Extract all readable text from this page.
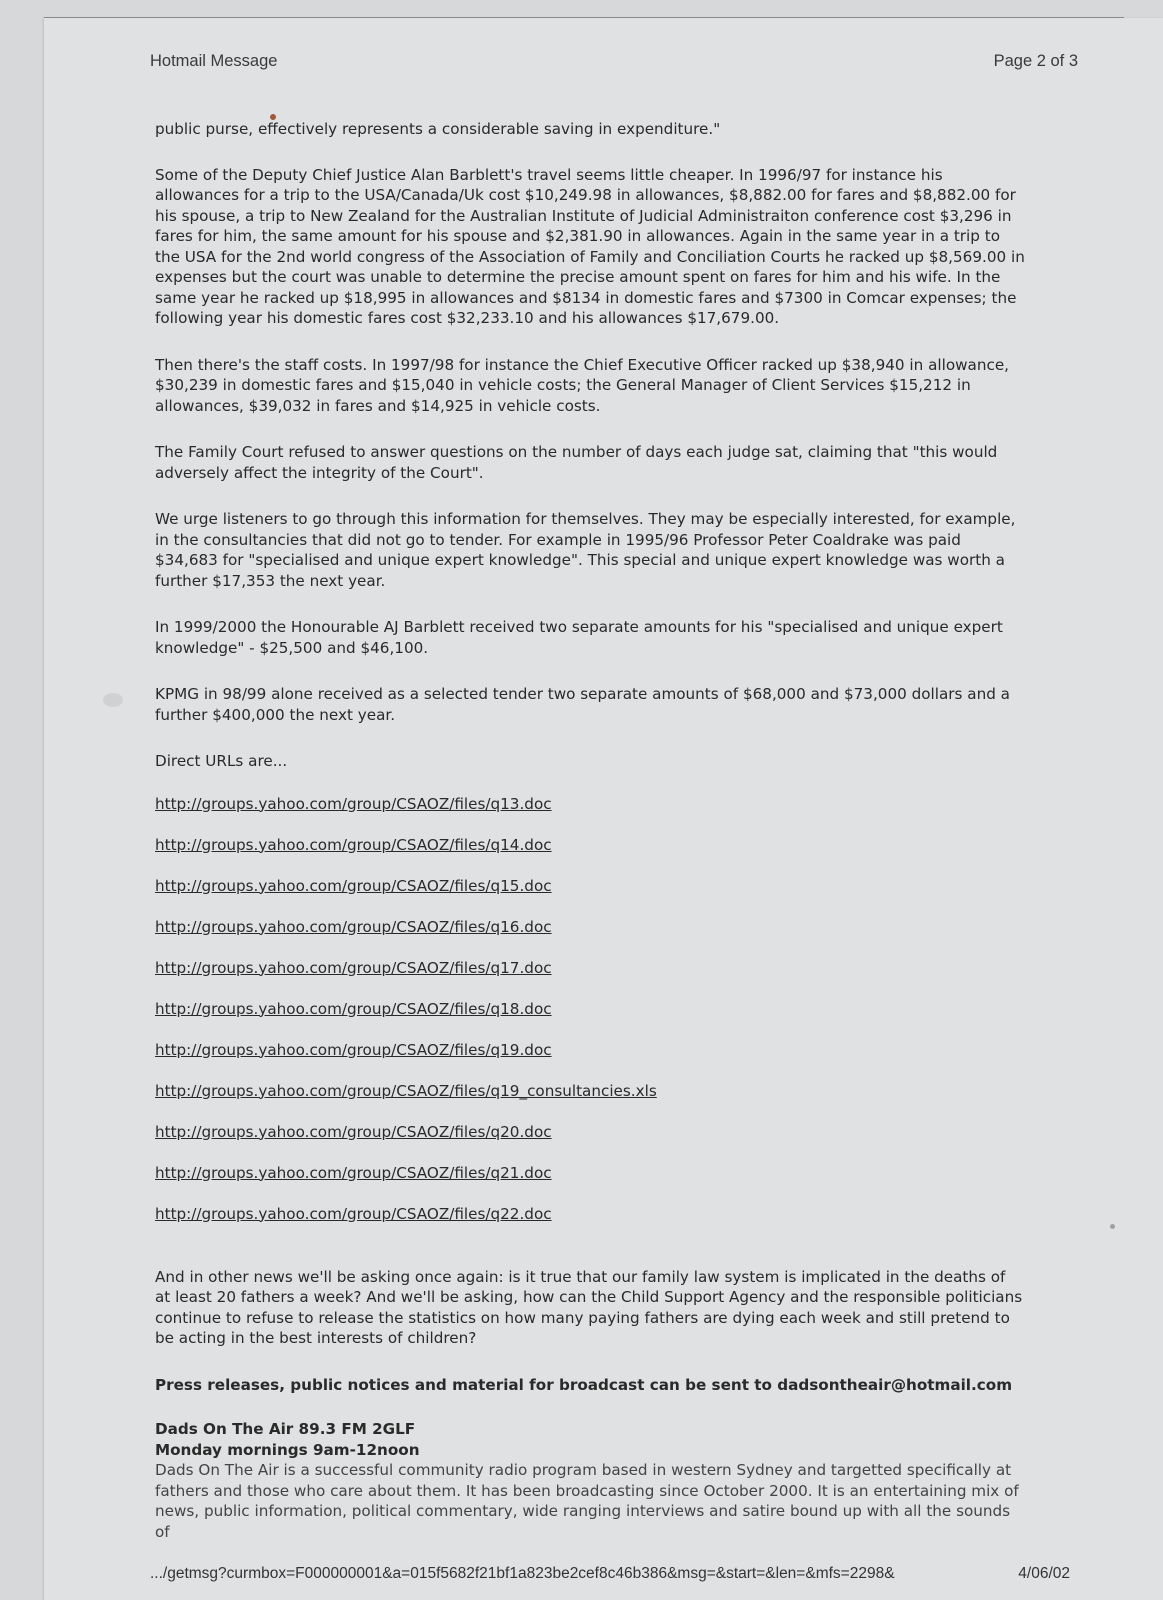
Hotmail Message	Page 2 of 3

public purse, effectively represents a considerable saving in expenditure."

Some of the Deputy Chief Justice Alan Barblett's travel seems little cheaper. In 1996/97 for instance his allowances for a trip to the USA/Canada/Uk cost $10,249.98 in allowances, $8,882.00 for fares and $8,882.00 for his spouse, a trip to New Zealand for the Australian Institute of Judicial Administraiton conference cost $3,296 in fares for him, the same amount for his spouse and $2,381.90 in allowances. Again in the same year in a trip to the USA for the 2nd world congress of the Association of Family and Conciliation Courts he racked up $8,569.00 in expenses but the court was unable to determine the precise amount spent on fares for him and his wife. In the same year he racked up $18,995 in allowances and $8134 in domestic fares and $7300 in Comcar expenses; the following year his domestic fares cost $32,233.10 and his allowances $17,679.00.

Then there's the staff costs. In 1997/98 for instance the Chief Executive Officer racked up $38,940 in allowance, $30,239 in domestic fares and $15,040 in vehicle costs; the General Manager of Client Services $15,212 in allowances, $39,032 in fares and $14,925 in vehicle costs.

The Family Court refused to answer questions on the number of days each judge sat, claiming that "this would adversely affect the integrity of the Court".

We urge listeners to go through this information for themselves. They may be especially interested, for example, in the consultancies that did not go to tender. For example in 1995/96 Professor Peter Coaldrake was paid $34,683 for "specialised and unique expert knowledge". This special and unique expert knowledge was worth a further $17,353 the next year.

In 1999/2000 the Honourable AJ Barblett received two separate amounts for his "specialised and unique expert knowledge" - $25,500 and $46,100.

KPMG in 98/99 alone received as a selected tender two separate amounts of $68,000 and $73,000 dollars and a further $400,000 the next year.

Direct URLs are...

http://groups.yahoo.com/group/CSAOZ/files/q13.doc
http://groups.yahoo.com/group/CSAOZ/files/q14.doc
http://groups.yahoo.com/group/CSAOZ/files/q15.doc
http://groups.yahoo.com/group/CSAOZ/files/q16.doc
http://groups.yahoo.com/group/CSAOZ/files/q17.doc
http://groups.yahoo.com/group/CSAOZ/files/q18.doc
http://groups.yahoo.com/group/CSAOZ/files/q19.doc
http://groups.yahoo.com/group/CSAOZ/files/q19_consultancies.xls
http://groups.yahoo.com/group/CSAOZ/files/q20.doc
http://groups.yahoo.com/group/CSAOZ/files/q21.doc
http://groups.yahoo.com/group/CSAOZ/files/q22.doc

And in other news we'll be asking once again: is it true that our family law system is implicated in the deaths of at least 20 fathers a week? And we'll be asking, how can the Child Support Agency and the responsible politicians continue to refuse to release the statistics on how many paying fathers are dying each week and still pretend to be acting in the best interests of children?

Press releases, public notices and material for broadcast can be sent to dadsontheair@hotmail.com

Dads On The Air 89.3 FM 2GLF

Monday mornings 9am-12noon

Dads On The Air is a successful community radio program based in western Sydney and targetted specifically at fathers and those who care about them. It has been broadcasting since October 2000. It is an entertaining mix of news, public information, political commentary, wide ranging interviews and satire bound up with all the sounds of

.../getmsg?curmbox=F000000001&a=015f5682f21bf1a823be2cef8c46b386&msg=&start=&len=&mfs=2298&	4/06/02
